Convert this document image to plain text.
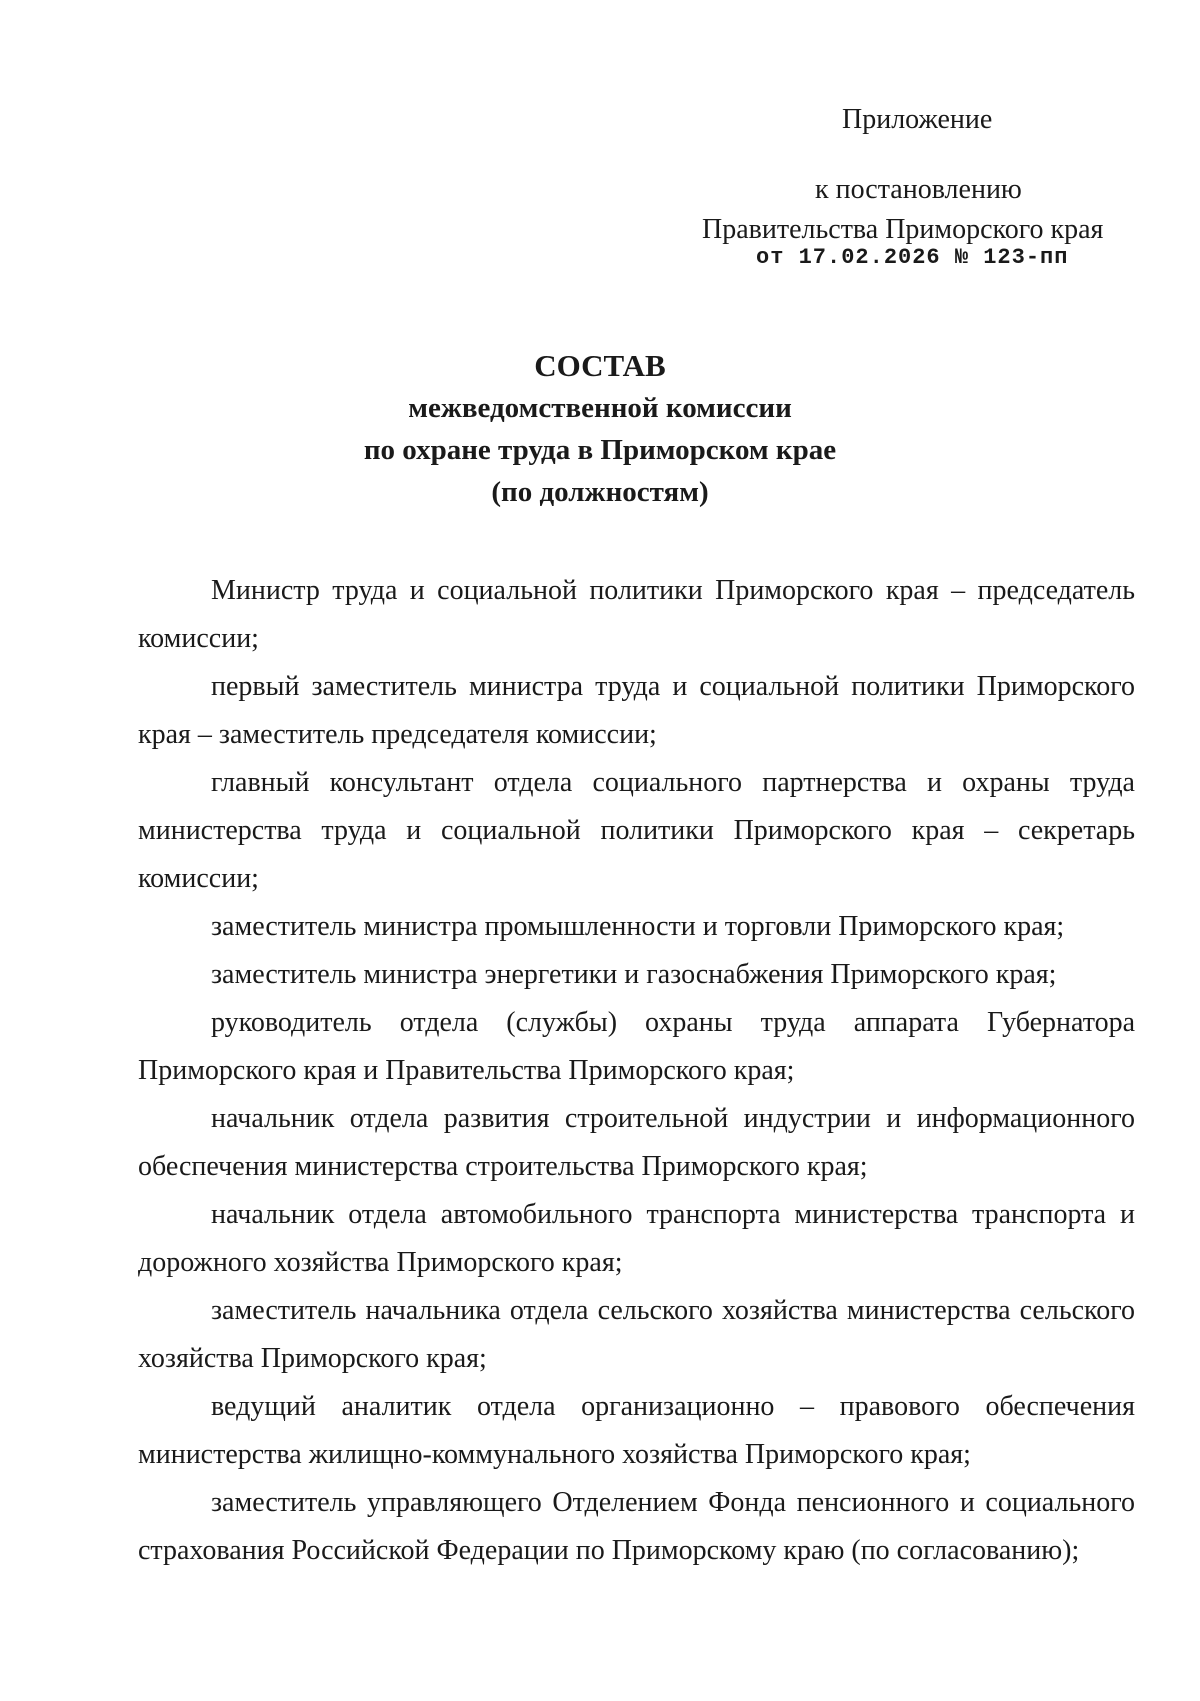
Приложение
к постановлению
Правительства Приморского края
от 17.02.2026 № 123-пп
СОСТАВ
межведомственной комиссии
по охране труда в Приморском крае
(по должностям)

Министр труда и социальной политики Приморского края – председатель комиссии;

первый заместитель министра труда и социальной политики Приморского края – заместитель председателя комиссии;

главный консультант отдела социального партнерства и охраны труда министерства труда и социальной политики Приморского края – секретарь комиссии;

заместитель министра промышленности и торговли Приморского края;

заместитель министра энергетики и газоснабжения Приморского края;

руководитель отдела (службы) охраны труда аппарата Губернатора Приморского края и Правительства Приморского края;

начальник отдела развития строительной индустрии и информационного обеспечения министерства строительства Приморского края;

начальник отдела автомобильного транспорта министерства транспорта и дорожного хозяйства Приморского края;

заместитель начальника отдела сельского хозяйства министерства сельского хозяйства Приморского края;

ведущий аналитик отдела организационно – правового обеспечения министерства жилищно-коммунального хозяйства Приморского края;

заместитель управляющего Отделением Фонда пенсионного и социального страхования Российской Федерации по Приморскому краю (по согласованию);
